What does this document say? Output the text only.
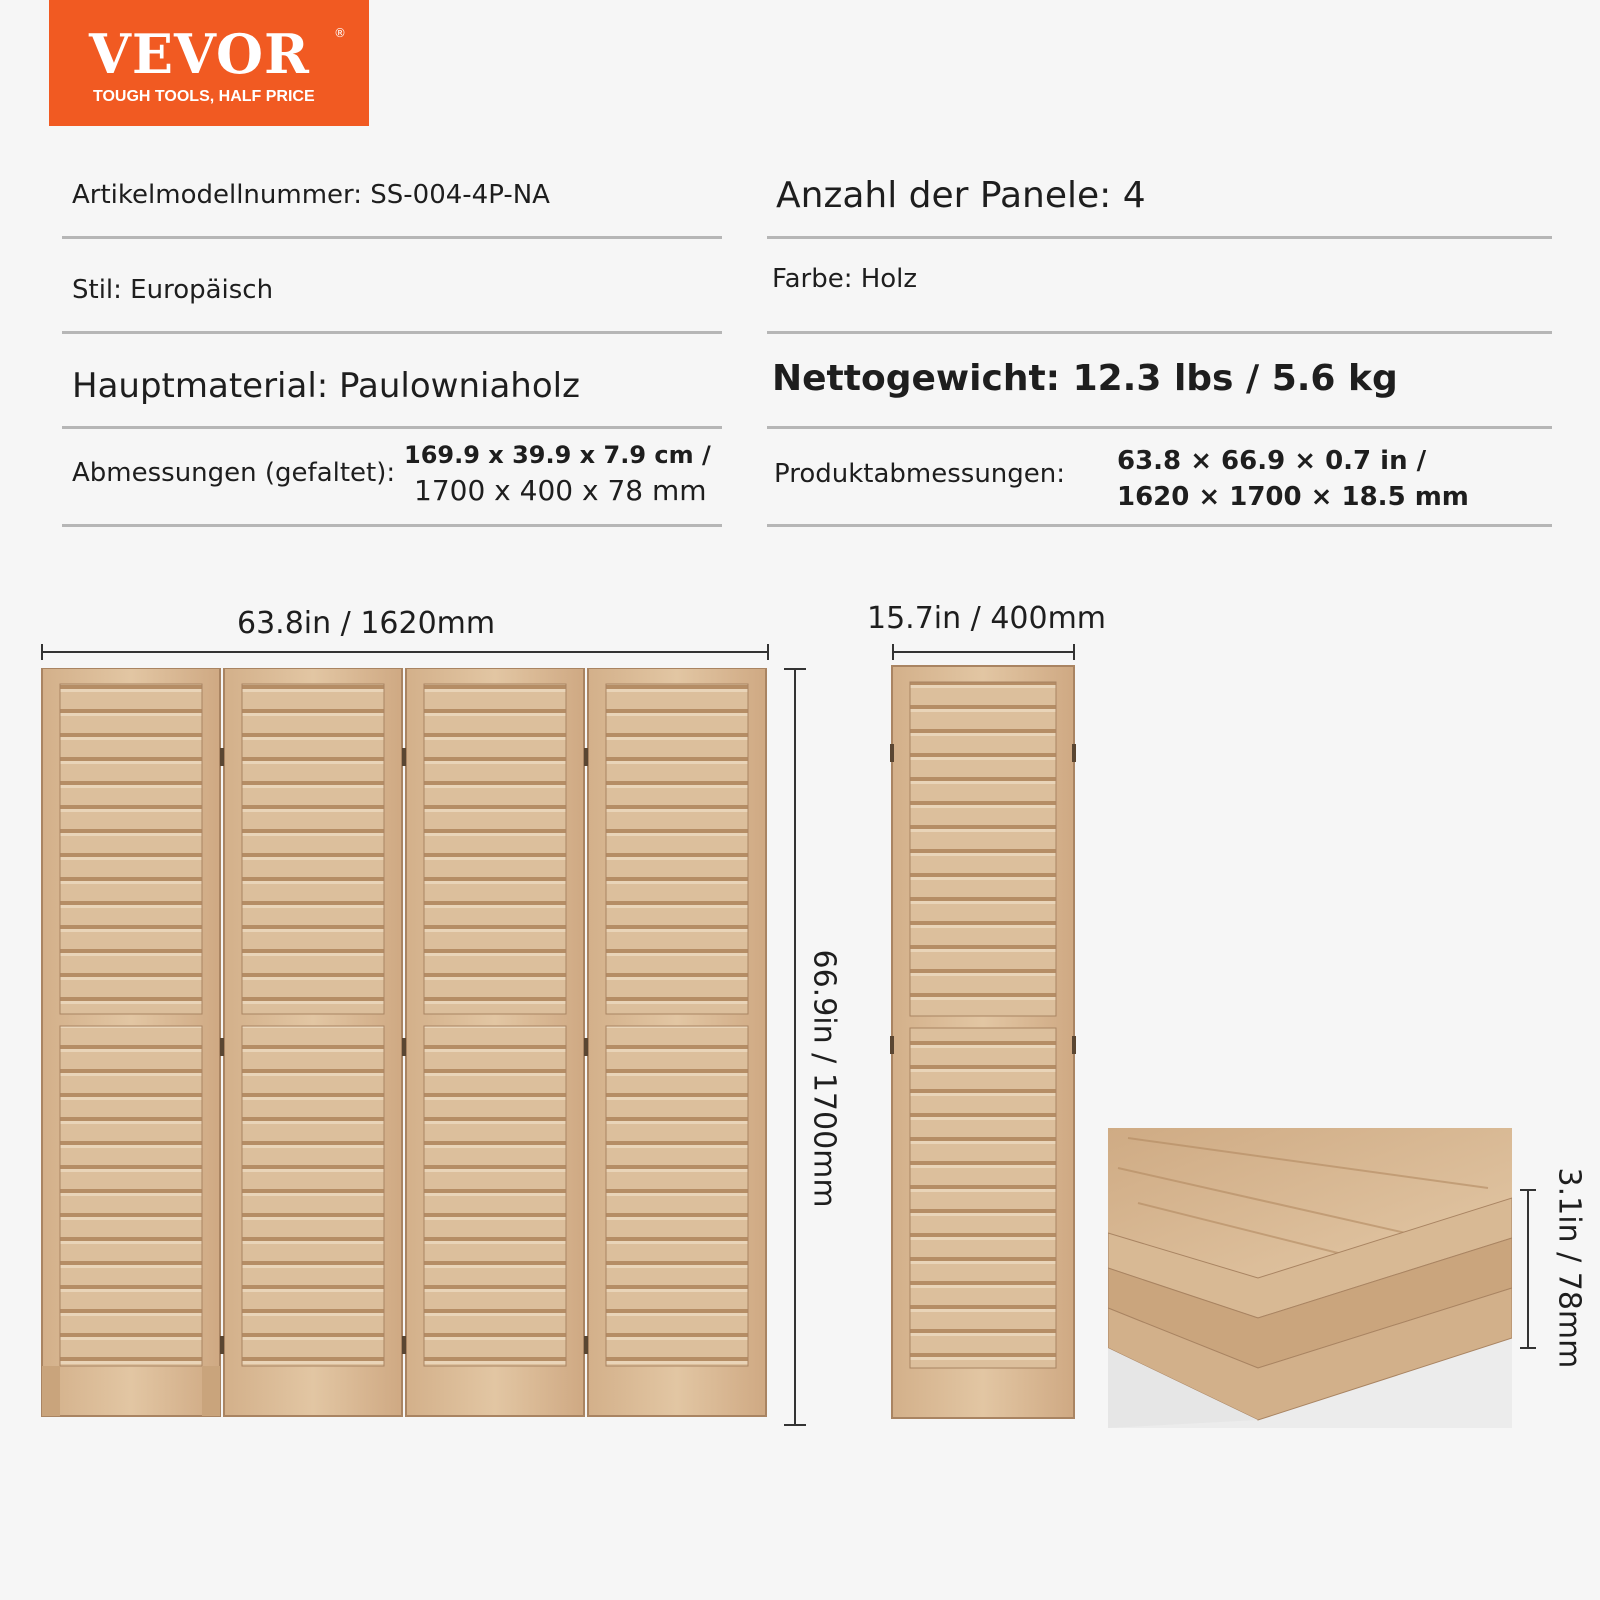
VEVOR ®
TOUGH TOOLS, HALF PRICE
Artikelmodellnummer: SS-004-4P-NA
Stil: Europäisch
Hauptmaterial: Paulowniaholz
Abmessungen (gefaltet):
169.9 x 39.9 x 7.9 cm /
1700 x 400 x 78 mm
Anzahl der Panele: 4
Farbe: Holz
Nettogewicht: 12.3 lbs / 5.6 kg
Produktabmessungen: 63.8 × 66.9 × 0.7 in /
1620 × 1700 × 18.5 mm
63.8in / 1620mm	15.7in / 400mm
66.9in / 1700mm
3.1in / 78mm
